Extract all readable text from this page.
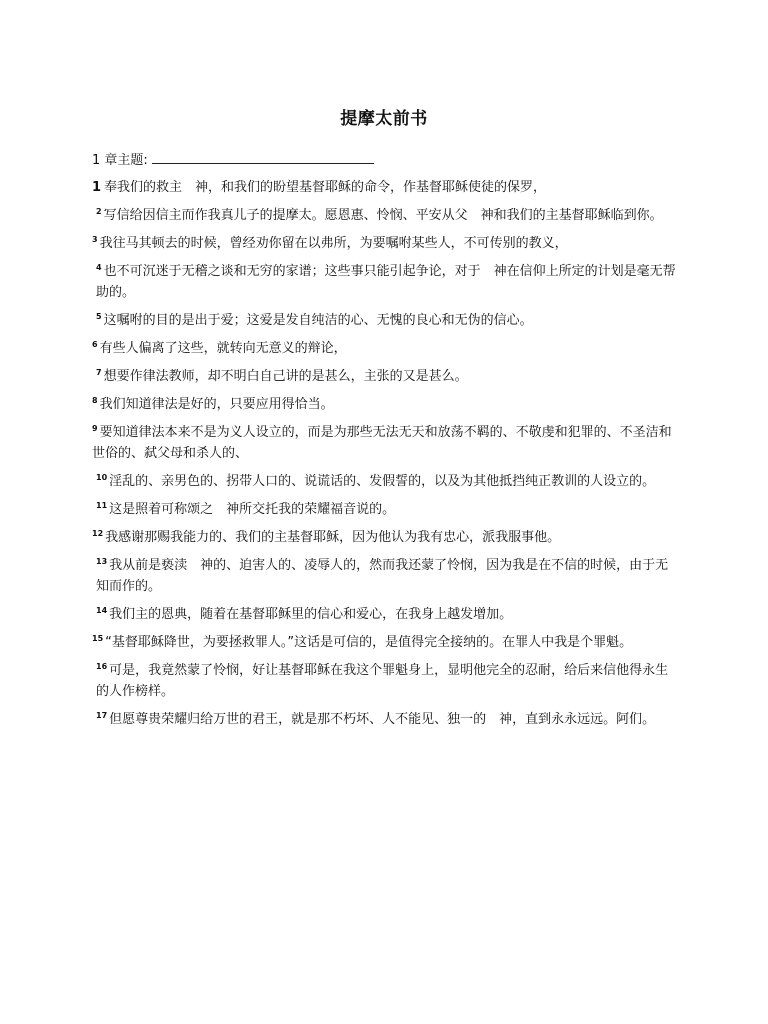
提摩太前书
1 章主题:
1 奉我们的救主　神，和我们的盼望基督耶稣的命令，作基督耶稣使徒的保罗，
$^2$ 写信给因信主而作我真儿子的提摩太。愿恩惠、怜悯、平安从父　神和我们的主基督耶稣临到你。
$^3$ 我往马其顿去的时候，曾经劝你留在以弗所，为要嘱咐某些人，不可传别的教义，
$^4$ 也不可沉迷于无稽之谈和无穷的家谱；这些事只能引起争论，对于　神在信仰上所定的计划是毫无帮助的。
$^5$ 这嘱咐的目的是出于爱；这爱是发自纯洁的心、无愧的良心和无伪的信心。
$^6$ 有些人偏离了这些，就转向无意义的辩论，
$^7$ 想要作律法教师，却不明白自己讲的是甚么，主张的又是甚么。
$^8$ 我们知道律法是好的，只要应用得恰当。
$^9$ 要知道律法本来不是为义人设立的，而是为那些无法无天和放荡不羁的、不敬虔和犯罪的、不圣洁和世俗的、弑父母和杀人的、
$^{10}$ 淫乱的、亲男色的、拐带人口的、说谎话的、发假誓的，以及为其他抵挡纯正教训的人设立的。
$^{11}$ 这是照着可称颂之　神所交托我的荣耀福音说的。
$^{12}$ 我感谢那赐我能力的、我们的主基督耶稣，因为他认为我有忠心，派我服事他。
$^{13}$ 我从前是亵渎　神的、迫害人的、凌辱人的，然而我还蒙了怜悯，因为我是在不信的时候，由于无知而作的。
$^{14}$ 我们主的恩典，随着在基督耶稣里的信心和爱心，在我身上越发增加。
$^{15}$ “基督耶稣降世，为要拯救罪人。”这话是可信的，是值得完全接纳的。在罪人中我是个罪魁。
$^{16}$ 可是，我竟然蒙了怜悯，好让基督耶稣在我这个罪魁身上，显明他完全的忍耐，给后来信他得永生的人作榜样。
$^{17}$ 但愿尊贵荣耀归给万世的君王，就是那不朽坏、人不能见、独一的　神，直到永永远远。阿们。
